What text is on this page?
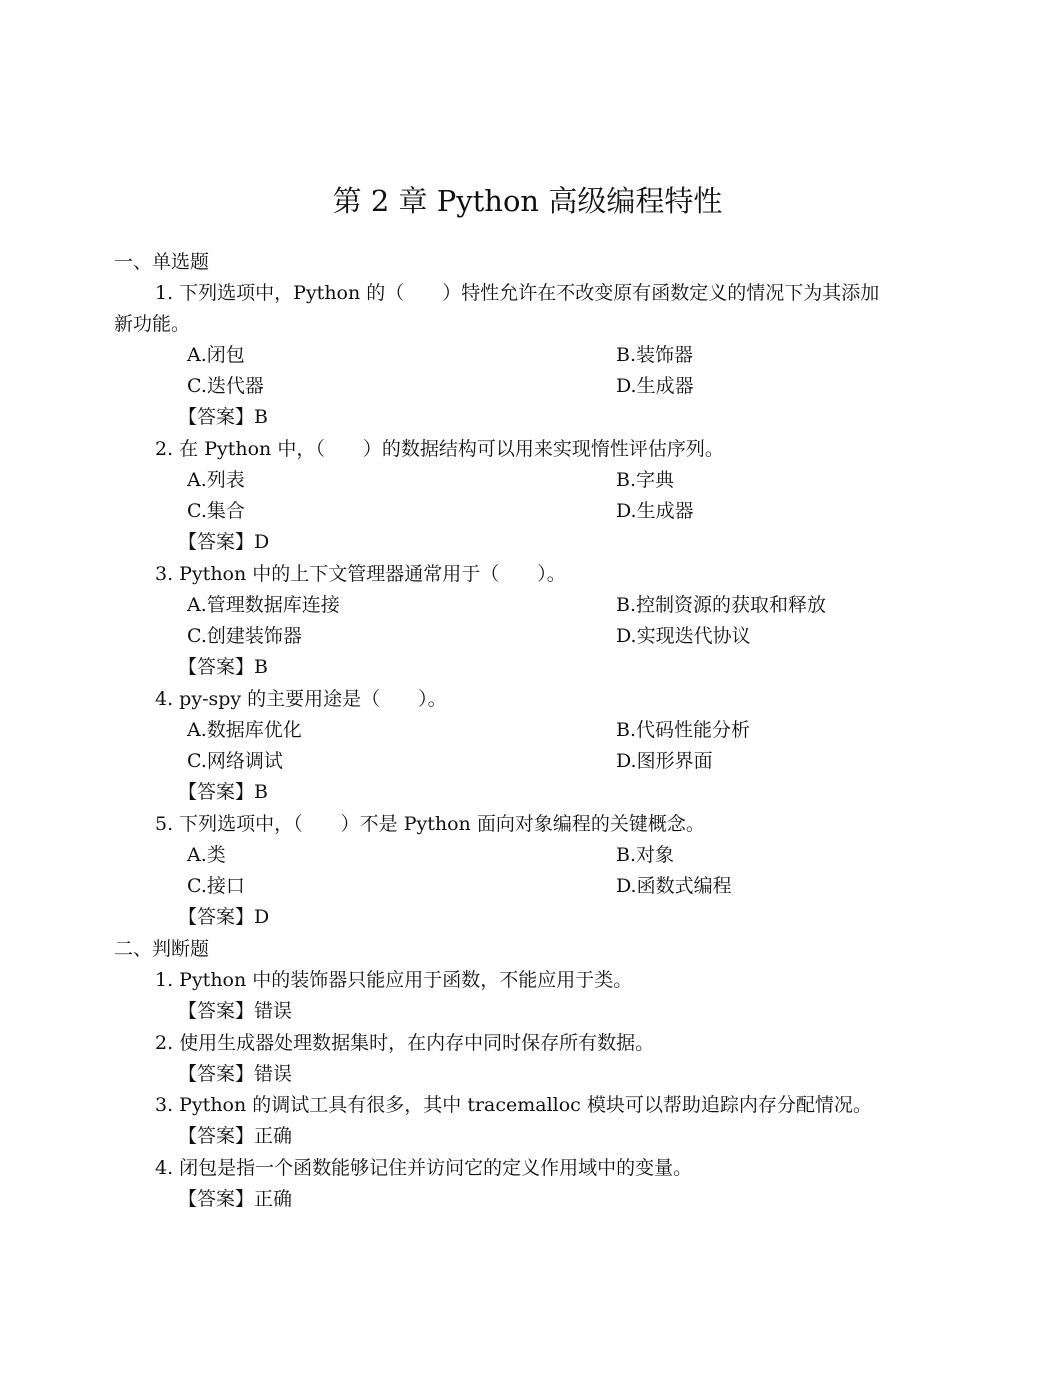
第 2 章 Python 高级编程特性
一、单选题
1. 下列选项中，Python 的（　　）特性允许在不改变原有函数定义的情况下为其添加
新功能。
A.闭包	B.装饰器
C.迭代器	D.生成器
【答案】B
2. 在 Python 中，（　　）的数据结构可以用来实现惰性评估序列。
A.列表	B.字典
C.集合	D.生成器
【答案】D
3. Python 中的上下文管理器通常用于（　　）。
A.管理数据库连接	B.控制资源的获取和释放
C.创建装饰器	D.实现迭代协议
【答案】B
4. py-spy 的主要用途是（　　）。
A.数据库优化	B.代码性能分析
C.网络调试	D.图形界面
【答案】B
5. 下列选项中，（　　）不是 Python 面向对象编程的关键概念。
A.类	B.对象
C.接口	D.函数式编程
【答案】D
二、判断题
1. Python 中的装饰器只能应用于函数，不能应用于类。
【答案】错误
2. 使用生成器处理数据集时，在内存中同时保存所有数据。
【答案】错误
3. Python 的调试工具有很多，其中 tracemalloc 模块可以帮助追踪内存分配情况。
【答案】正确
4. 闭包是指一个函数能够记住并访问它的定义作用域中的变量。
【答案】正确
